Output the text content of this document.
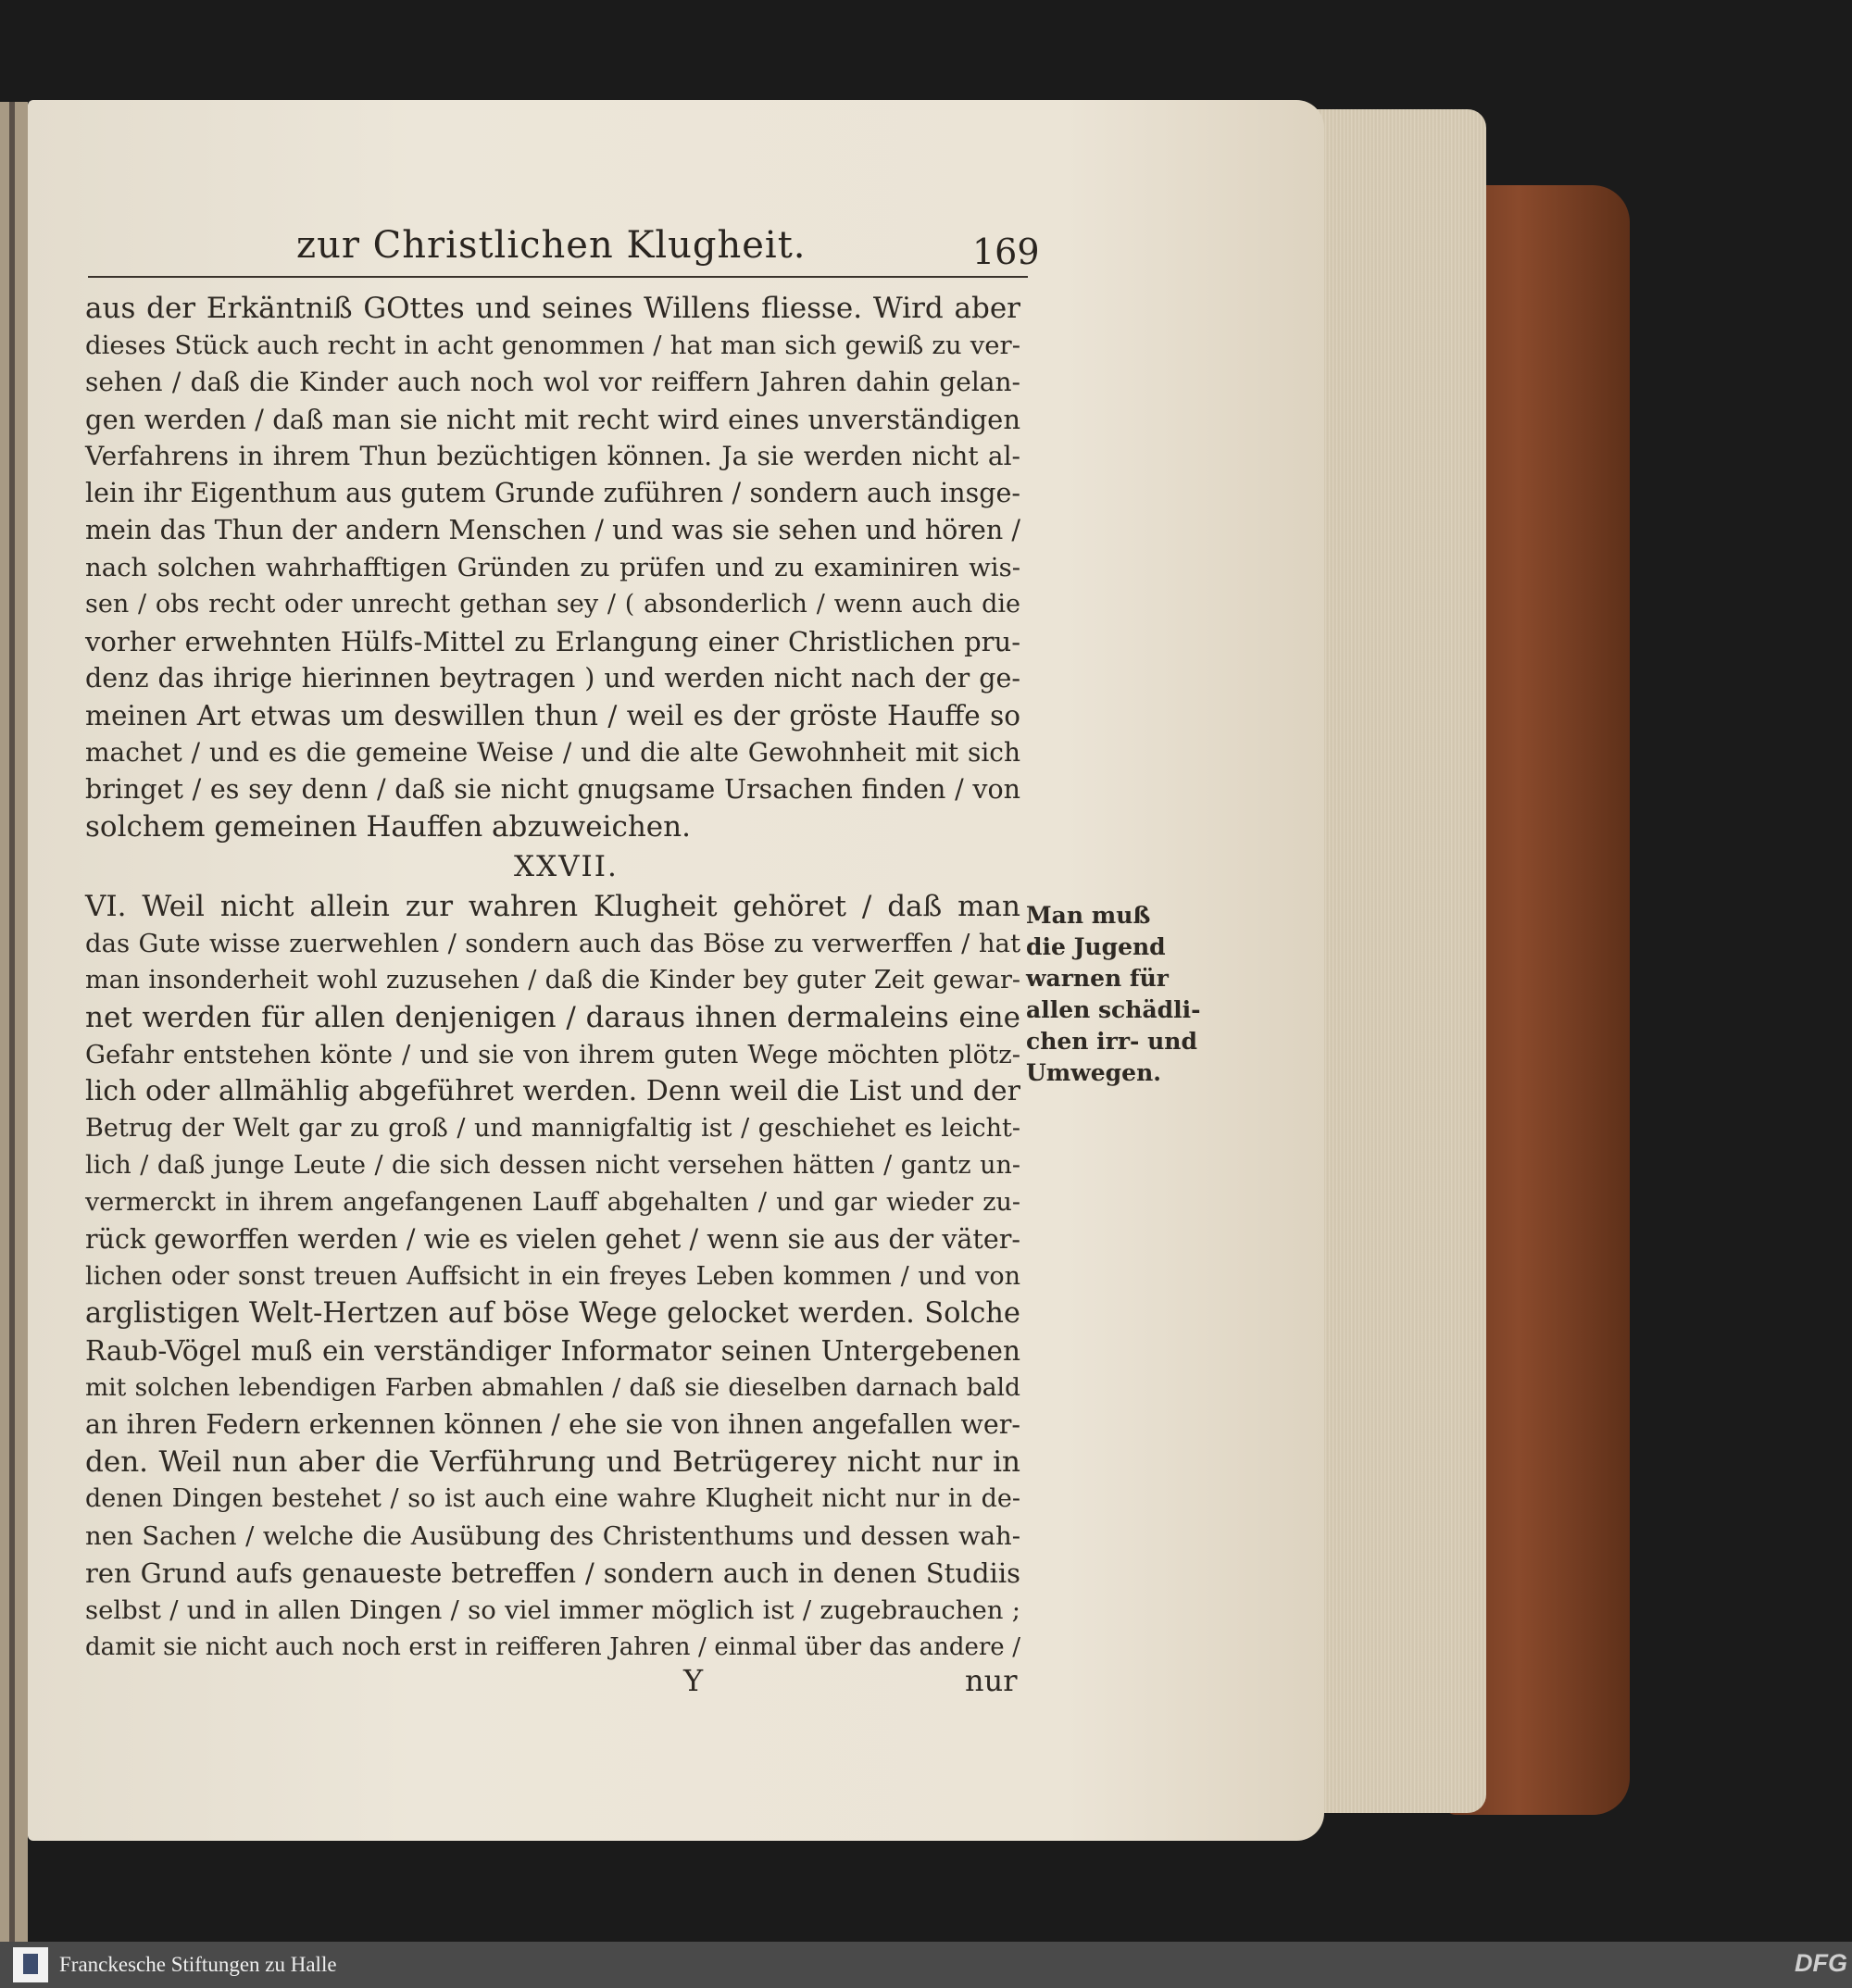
zur Christlichen Klugheit.	169
aus der Erkäntniß GOttes und seines Willens fliesse. Wird aber
dieses Stück auch recht in acht genommen / hat man sich gewiß zu ver-
sehen / daß die Kinder auch noch wol vor reiffern Jahren dahin gelan-
gen werden / daß man sie nicht mit recht wird eines unverständigen
Verfahrens in ihrem Thun bezüchtigen können. Ja sie werden nicht al-
lein ihr Eigenthum aus gutem Grunde zuführen / sondern auch insge-
mein das Thun der andern Menschen / und was sie sehen und hören /
nach solchen wahrhafftigen Gründen zu prüfen und zu examiniren wis-
sen / obs recht oder unrecht gethan sey / ( absonderlich / wenn auch die
vorher erwehnten Hülfs-Mittel zu Erlangung einer Christlichen pru-
denz das ihrige hierinnen beytragen ) und werden nicht nach der ge-
meinen Art etwas um deswillen thun / weil es der gröste Hauffe so
machet / und es die gemeine Weise / und die alte Gewohnheit mit sich
bringet / es sey denn / daß sie nicht gnugsame Ursachen finden / von
solchem gemeinen Hauffen abzuweichen.
XXVII.
VI. Weil nicht allein zur wahren Klugheit gehöret / daß man
das Gute wisse zuerwehlen / sondern auch das Böse zu verwerffen / hat
man insonderheit wohl zuzusehen / daß die Kinder bey guter Zeit gewar-
net werden für allen denjenigen / daraus ihnen dermaleins eine
Gefahr entstehen könte / und sie von ihrem guten Wege möchten plötz-
lich oder allmählig abgeführet werden. Denn weil die List und der
Betrug der Welt gar zu groß / und mannigfaltig ist / geschiehet es leicht-
lich / daß junge Leute / die sich dessen nicht versehen hätten / gantz un-
vermerckt in ihrem angefangenen Lauff abgehalten / und gar wieder zu-
rück geworffen werden / wie es vielen gehet / wenn sie aus der väter-
lichen oder sonst treuen Auffsicht in ein freyes Leben kommen / und von
arglistigen Welt-Hertzen auf böse Wege gelocket werden. Solche
Raub-Vögel muß ein verständiger Informator seinen Untergebenen
mit solchen lebendigen Farben abmahlen / daß sie dieselben darnach bald
an ihren Federn erkennen können / ehe sie von ihnen angefallen wer-
den. Weil nun aber die Verführung und Betrügerey nicht nur in
denen Dingen bestehet / so ist auch eine wahre Klugheit nicht nur in de-
nen Sachen / welche die Ausübung des Christenthums und dessen wah-
ren Grund aufs genaueste betreffen / sondern auch in denen Studiis
selbst / und in allen Dingen / so viel immer möglich ist / zugebrauchen ;
damit sie nicht auch noch erst in reifferen Jahren / einmal über das andere /
Man muß
die Jugend
warnen für
allen schädli-
chen irr- und
Umwegen.
Y	nur
Franckesche Stiftungen zu Halle	DFG
